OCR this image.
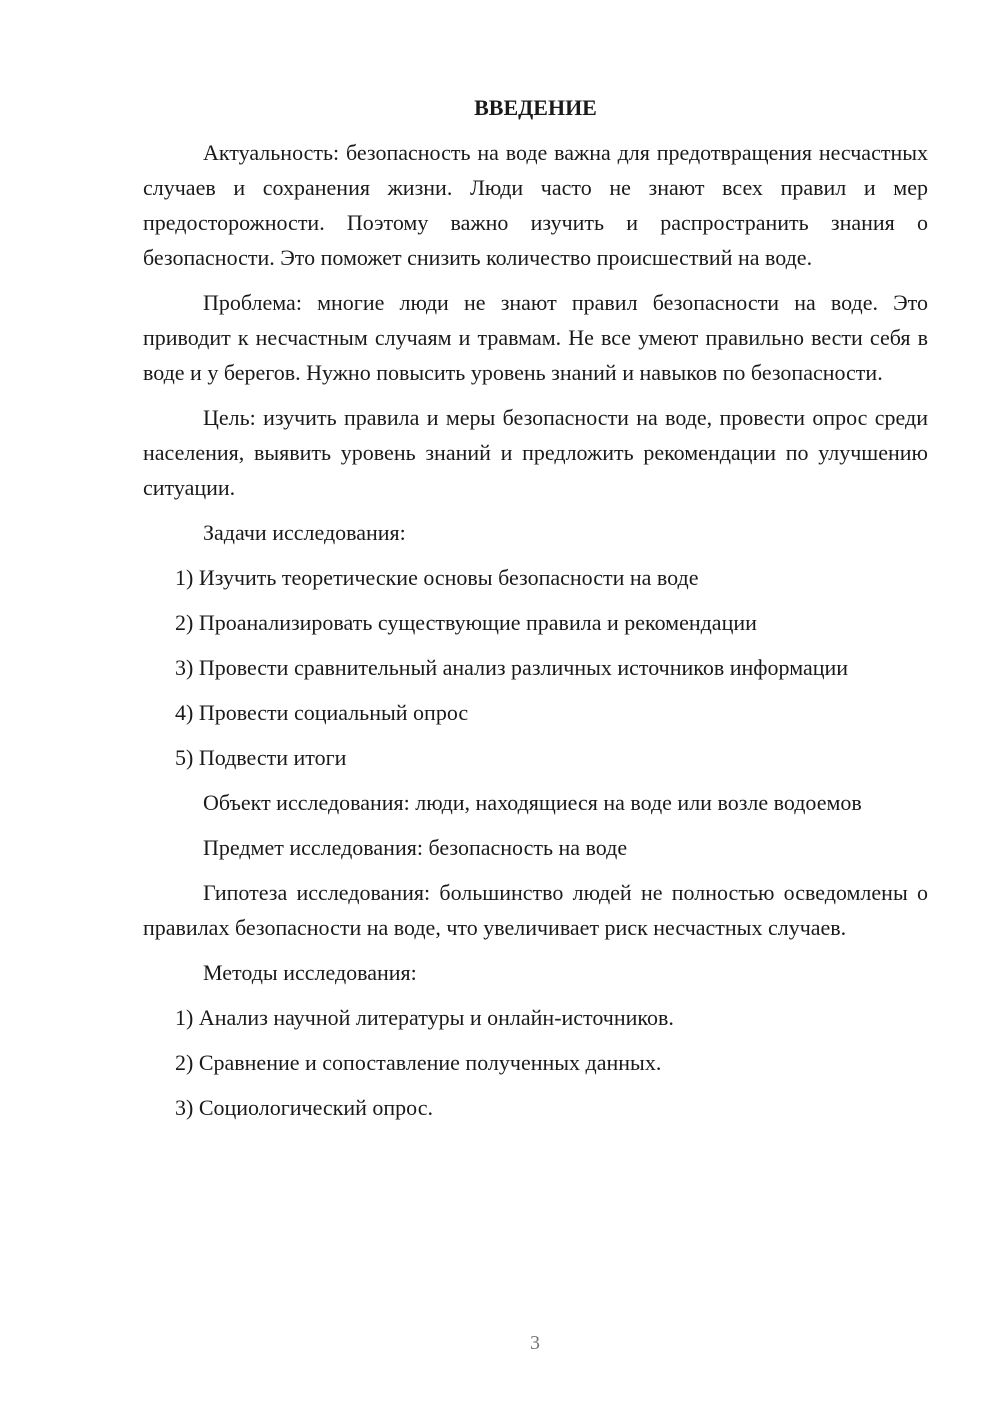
ВВЕДЕНИЕ

Актуальность: безопасность на воде важна для предотвращения несчастных случаев и сохранения жизни. Люди часто не знают всех правил и мер предосторожности. Поэтому важно изучить и распространить знания о безопасности. Это поможет снизить количество происшествий на воде.

Проблема: многие люди не знают правил безопасности на воде. Это приводит к несчастным случаям и травмам. Не все умеют правильно вести себя в воде и у берегов. Нужно повысить уровень знаний и навыков по безопасности.

Цель: изучить правила и меры безопасности на воде, провести опрос среди населения, выявить уровень знаний и предложить рекомендации по улучшению ситуации.

Задачи исследования:

1) Изучить теоретические основы безопасности на воде

2) Проанализировать существующие правила и рекомендации

3) Провести сравнительный анализ различных источников информации

4) Провести социальный опрос

5) Подвести итоги

Объект исследования: люди, находящиеся на воде или возле водоемов

Предмет исследования: безопасность на воде

Гипотеза исследования: большинство людей не полностью осведомлены о правилах безопасности на воде, что увеличивает риск несчастных случаев.

Методы исследования:

1) Анализ научной литературы и онлайн-источников.

2) Сравнение и сопоставление полученных данных.

3) Социологический опрос.

3
